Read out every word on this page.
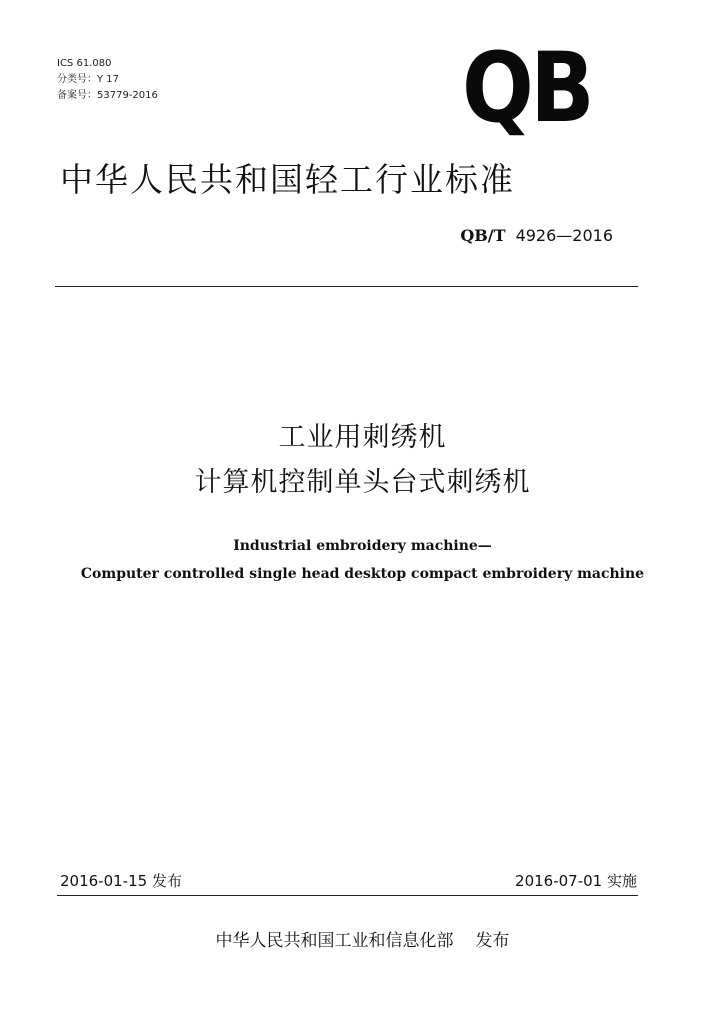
ICS 61.080
分类号：Y 17
备案号：53779-2016	QB
中华人民共和国轻工行业标准
QB/T 4926—2016
工业用刺绣机
计算机控制单头台式刺绣机
Industrial embroidery machine—
Computer controlled single head desktop compact embroidery machine
2016-01-15 发布	2016-07-01 实施
中华人民共和国工业和信息化部 发布
